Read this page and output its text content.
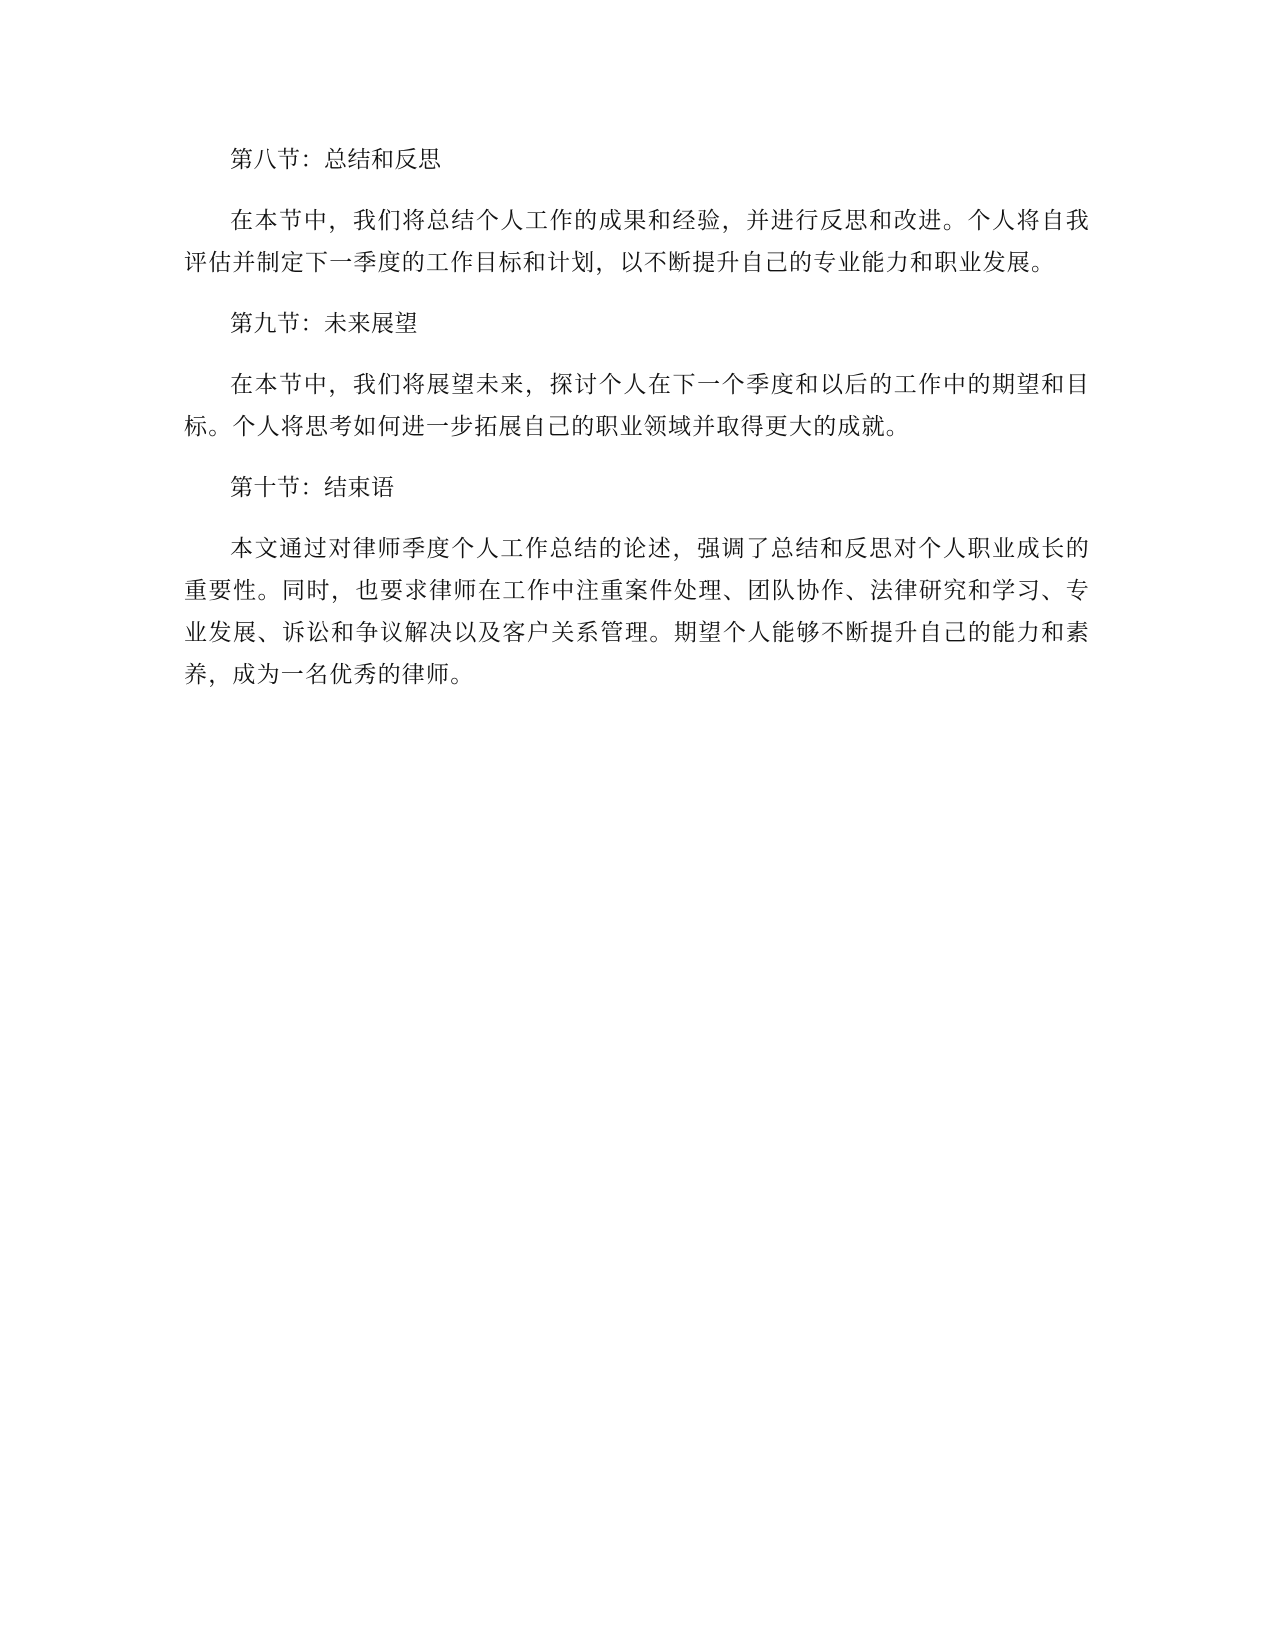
第八节：总结和反思

在本节中，我们将总结个人工作的成果和经验，并进行反思和改进。个人将自我评估并制定下一季度的工作目标和计划，以不断提升自己的专业能力和职业发展。

第九节：未来展望

在本节中，我们将展望未来，探讨个人在下一个季度和以后的工作中的期望和目标。个人将思考如何进一步拓展自己的职业领域并取得更大的成就。

第十节：结束语

本文通过对律师季度个人工作总结的论述，强调了总结和反思对个人职业成长的重要性。同时，也要求律师在工作中注重案件处理、团队协作、法律研究和学习、专业发展、诉讼和争议解决以及客户关系管理。期望个人能够不断提升自己的能力和素养，成为一名优秀的律师。
